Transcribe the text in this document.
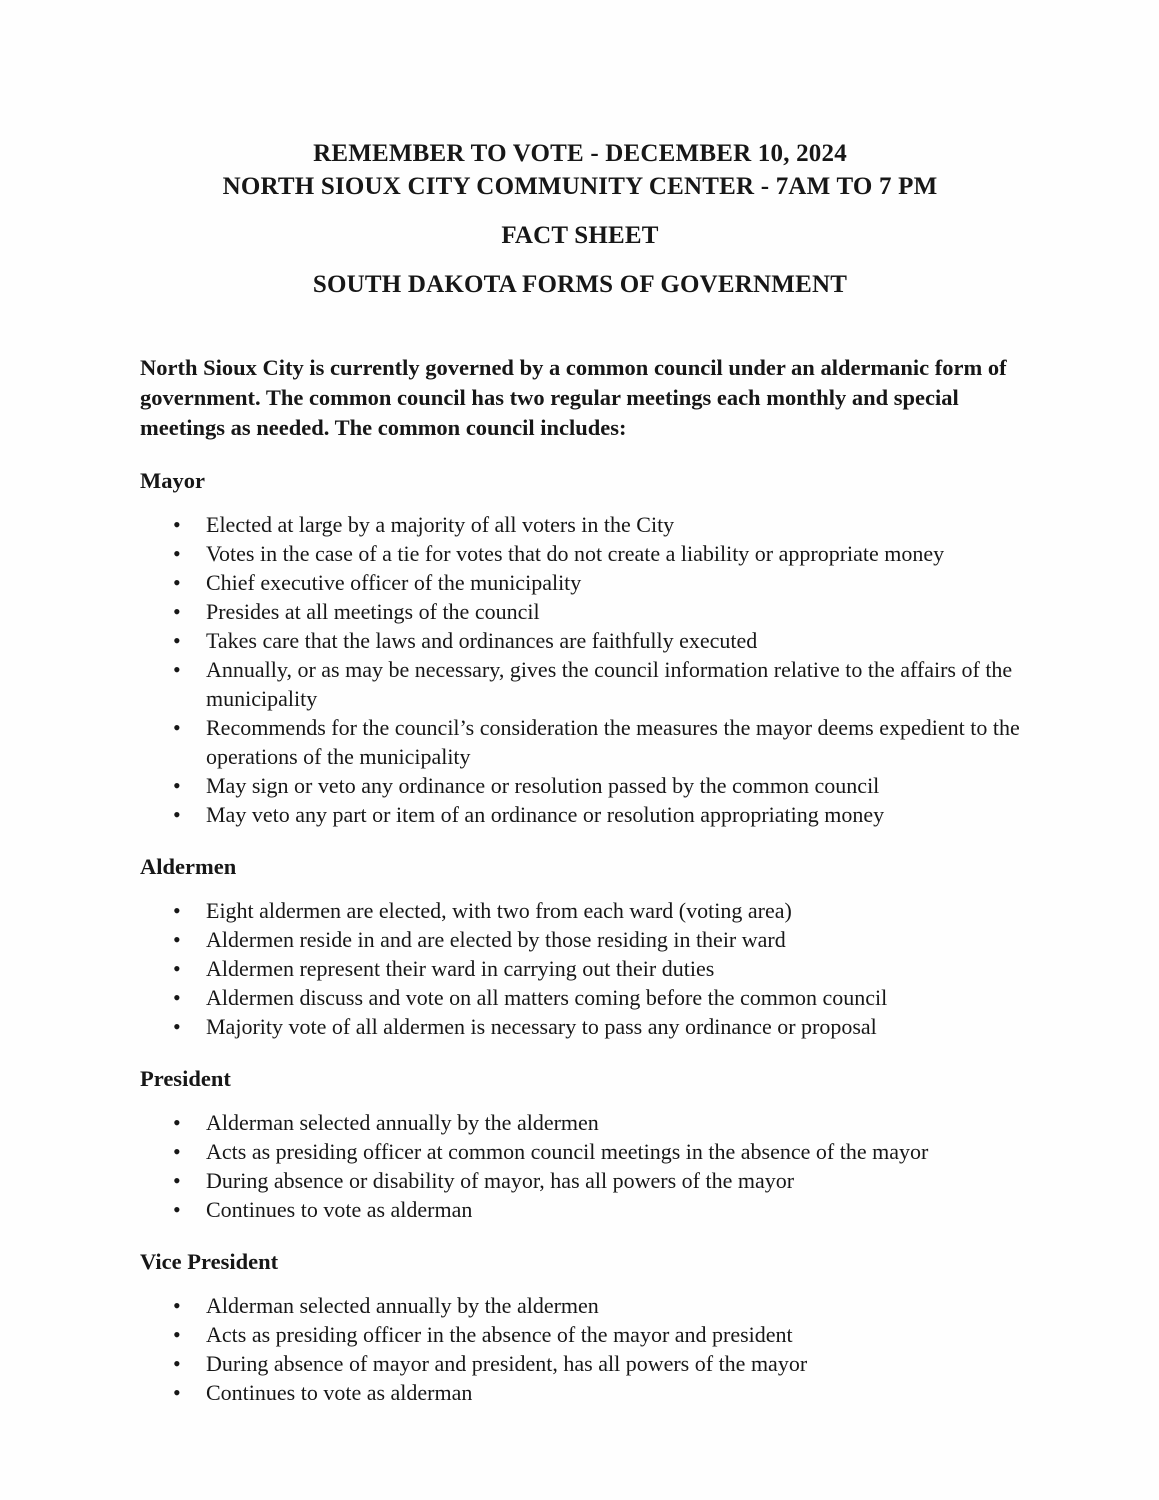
REMEMBER TO VOTE - DECEMBER 10, 2024
NORTH SIOUX CITY COMMUNITY CENTER - 7AM TO 7 PM
FACT SHEET
SOUTH DAKOTA FORMS OF GOVERNMENT

North Sioux City is currently governed by a common council under an aldermanic form of government. The common council has two regular meetings each monthly and special meetings as needed. The common council includes:

Mayor
• Elected at large by a majority of all voters in the City
• Votes in the case of a tie for votes that do not create a liability or appropriate money
• Chief executive officer of the municipality
• Presides at all meetings of the council
• Takes care that the laws and ordinances are faithfully executed
• Annually, or as may be necessary, gives the council information relative to the affairs of the municipality
• Recommends for the council’s consideration the measures the mayor deems expedient to the operations of the municipality
• May sign or veto any ordinance or resolution passed by the common council
• May veto any part or item of an ordinance or resolution appropriating money
Aldermen
• Eight aldermen are elected, with two from each ward (voting area)
• Aldermen reside in and are elected by those residing in their ward
• Aldermen represent their ward in carrying out their duties
• Aldermen discuss and vote on all matters coming before the common council
• Majority vote of all aldermen is necessary to pass any ordinance or proposal
President
• Alderman selected annually by the aldermen
• Acts as presiding officer at common council meetings in the absence of the mayor
• During absence or disability of mayor, has all powers of the mayor
• Continues to vote as alderman
Vice President
• Alderman selected annually by the aldermen
• Acts as presiding officer in the absence of the mayor and president
• During absence of mayor and president, has all powers of the mayor
• Continues to vote as alderman
